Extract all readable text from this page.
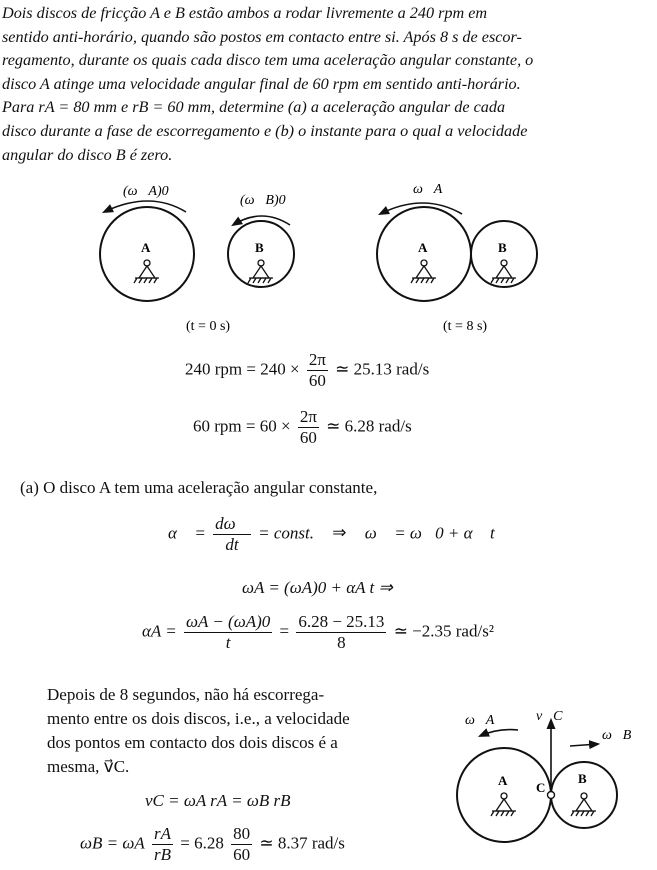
Dois discos de fricção A e B estão ambos a rodar livremente a 240 rpm em

sentido anti-horário, quando são postos em contacto entre si. Após 8 s de escor-

regamento, durante os quais cada disco tem uma aceleração angular constante, o

disco A atinge uma velocidade angular final de 60 rpm em sentido anti-horário.

Para rA = 80 mm e rB = 60 mm, determine (a) a aceleração angular de cada

disco durante a fase de escorregamento e (b) o instante para o qual a velocidade

angular do disco B é zero.

(ω⃗A)0
A
(ω⃗B)0
B
(t = 0 s)
ω⃗A
A	B
(t = 8 s)
240 rpm = $240 \times \frac{2\pi}{60}$ ≃ 25.13 rad/s
60 rpm = $60 \times \frac{2\pi}{60}$ ≃ 6.28 rad/s
(a) O disco A tem uma aceleração angular constante,
α⃗ = $\frac{d\omega⃗}{dt}$ = const. ⇒ ω⃗ = ω⃗0 + α⃗ t
ωA = (ωA)0 + αA t ⇒
$\alpha A = \frac{\omega A - (\omega A)0}{t} = \frac{6.28 - 25.13}{8}$ ≃ −2.35 rad/s²
Depois de 8 segundos, não há escorrega-
mento entre os dois discos, i.e., a velocidade
dos pontos em contacto dos dois discos é a
mesma, v⃗C.
vC = ωA rA = ωB rB
ωB = ωA $\frac{rA}{rB} = 6.28 \frac{80}{60}$ ≃ 8.37 rad/s
ω⃗A	v⃗C
ω⃗B
C
A	B
